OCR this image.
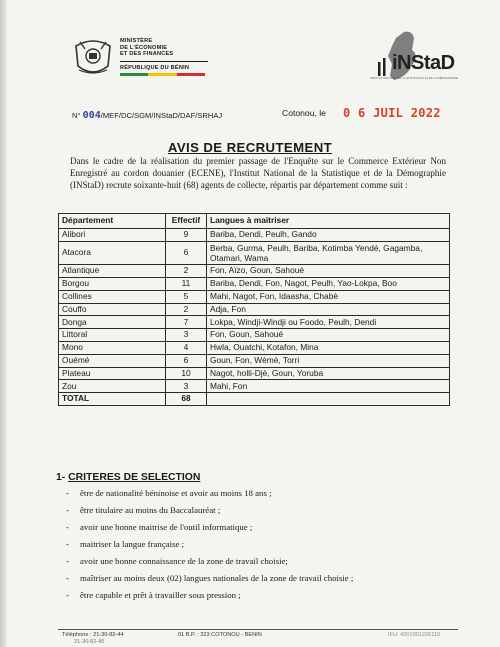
MINISTÈRE
DE L'ÉCONOMIE
ET DES FINANCES
RÉPUBLIQUE DU BÉNIN	iNStaD
INSTITUT NATIONAL DE LA STATISTIQUE ET DE LA DÉMOGRAPHIE
N° 004/MEF/DC/SGM/INStaD/DAF/SRHAJ	Cotonou, le 0 6 JUIL 2022
AVIS DE RECRUTEMENT
Dans le cadre de la réalisation du premier passage de l'Enquête sur le Commerce Extérieur Non Enregistré au cordon douanier (ECENE), l'Institut National de la Statistique et de la Démographie (INStaD) recrute soixante-huit (68) agents de collecte, répartis par département comme suit :
Département	Effectif	Langues à maitriser
Alibori	9	Bariba, Dendi, Peulh, Gando
Atacora	6	Berba, Gurma, Peulh, Bariba, Kotimba Yendé, Gagamba, Otamari, Wama
Atlantique	2	Fon, Aïzo, Goun, Sahoué
Borgou	11	Bariba, Dendi, Fon, Nagot, Peulh, Yao-Lokpa, Boo
Collines	5	Mahi, Nagot, Fon, Idaasha, Chabè
Couffo	2	Adja, Fon
Donga	7	Lokpa, Windji-Windji ou Foodo, Peulh, Dendi
Littoral	3	Fon, Goun, Sahoué
Mono	4	Hwla, Ouatchi, Kotafon, Mina
Ouémé	6	Goun, Fon, Wèmè, Torri
Plateau	10	Nagot, holli-Djè, Goun, Yoruba
Zou	3	Mahi, Fon
TOTAL	68	
1- CRITERES DE SELECTION
- être de nationalité béninoise et avoir au moins 18 ans ;
- être titulaire au moins du Baccalauréat ;
- avoir une bonne maitrise de l'outil informatique ;
- maitriser la langue française ;
- avoir une bonne connaissance de la zone de travail choisie;
- maîtriser au moins deux (02) langues nationales de la zone de travail choisie ;
- être capable et prêt à travailler sous pression ;
Téléphone : 21-30-82-44
21-30-82-45
01 B.P. : 323 COTONOU - BENIN	IFU: 4201001226110
